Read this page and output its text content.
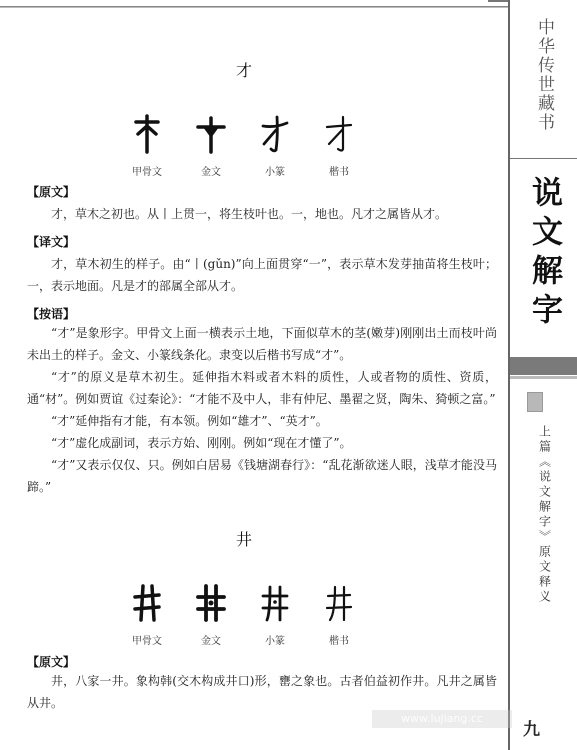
中华传世藏书
说文解字
上篇《说文解字》原文释义
才
甲骨文	金文	小篆	楷书
【原文】
才，草木之初也。从丨上贯一，将生枝叶也。一，地也。凡才之属皆从才。
【译文】
才，草木初生的样子。由“丨(gǔn)”向上面贯穿“一”，表示草木发芽抽苗将生枝叶；一，表示地面。凡是才的部属全部从才。
【按语】
“才”是象形字。甲骨文上面一横表示土地，下面似草木的茎(嫩芽)刚刚出土而枝叶尚未出土的样子。金文、小篆线条化。隶变以后楷书写成“才”。
“才”的原义是草木初生。延伸指木料或者木料的质性，人或者物的质性、资质，通“材”。例如贾谊《过秦论》：“才能不及中人，非有仲尼、墨翟之贤，陶朱、猗顿之富。”
“才”延伸指有才能，有本领。例如“雄才”、“英才”。
“才”虚化成副词，表示方始、刚刚。例如“现在才懂了”。
“才”又表示仅仅、只。例如白居易《钱塘湖春行》：“乱花渐欲迷人眼，浅草才能没马蹄。”
井
甲骨文	金文	小篆	楷书
【原文】
井，八家一井。象构韩(交木构成井口)形，罋之象也。古者伯益初作井。凡井之属皆从井。
www.lujiang.cc
九
